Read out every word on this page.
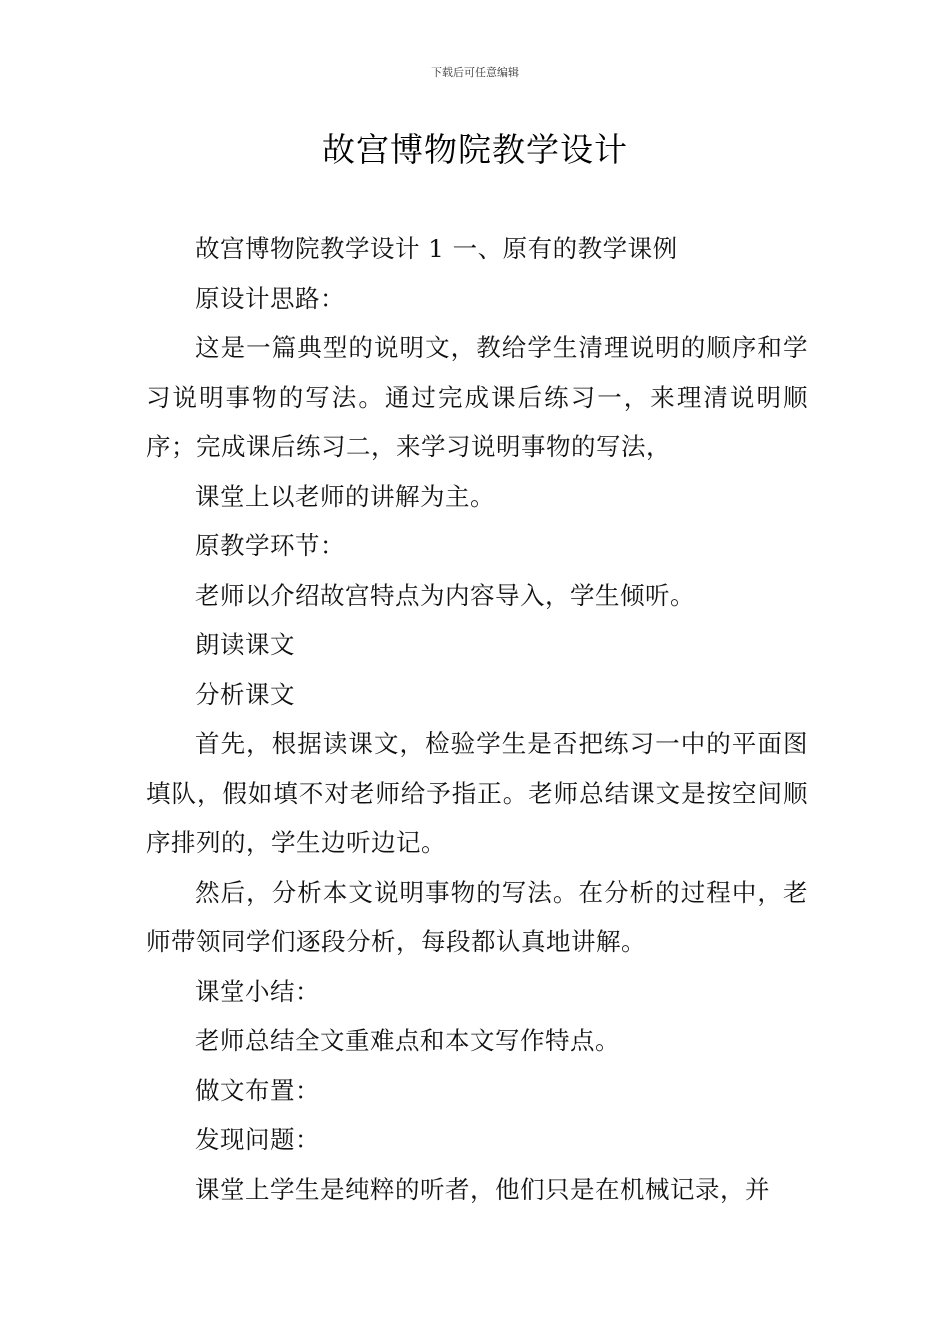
下载后可任意编辑
故宫博物院教学设计

故宫博物院教学设计 1 一、原有的教学课例

原设计思路：

这是一篇典型的说明文，教给学生清理说明的顺序和学习说明事物的写法。通过完成课后练习一，来理清说明顺序；完成课后练习二，来学习说明事物的写法，

课堂上以老师的讲解为主。

原教学环节：

老师以介绍故宫特点为内容导入，学生倾听。

朗读课文

分析课文

首先，根据读课文，检验学生是否把练习一中的平面图填队，假如填不对老师给予指正。老师总结课文是按空间顺序排列的，学生边听边记。

然后，分析本文说明事物的写法。在分析的过程中，老师带领同学们逐段分析，每段都认真地讲解。

课堂小结：

老师总结全文重难点和本文写作特点。

做文布置：

发现问题：

课堂上学生是纯粹的听者，他们只是在机械记录，并
